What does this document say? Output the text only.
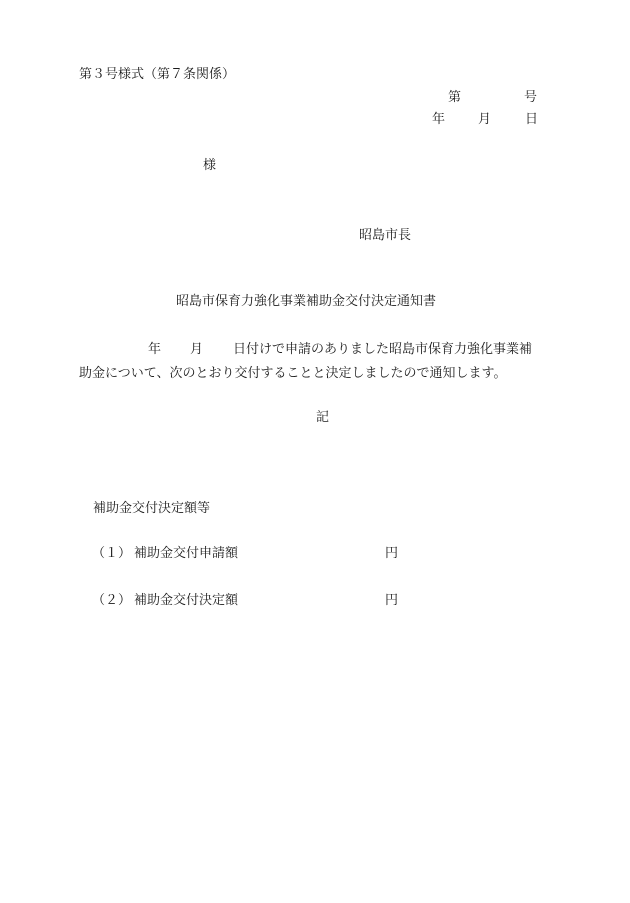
第３号様式（第７条関係）
第	号
年	月	日
様
昭島市長
昭島市保育力強化事業補助金交付決定通知書
年 月 日付けで申請のありました昭島市保育力強化事業補
助金について、次のとおり交付することと決定しましたので通知します。
記
補助金交付決定額等
（１） 補助金交付申請額	円
（２） 補助金交付決定額	円
